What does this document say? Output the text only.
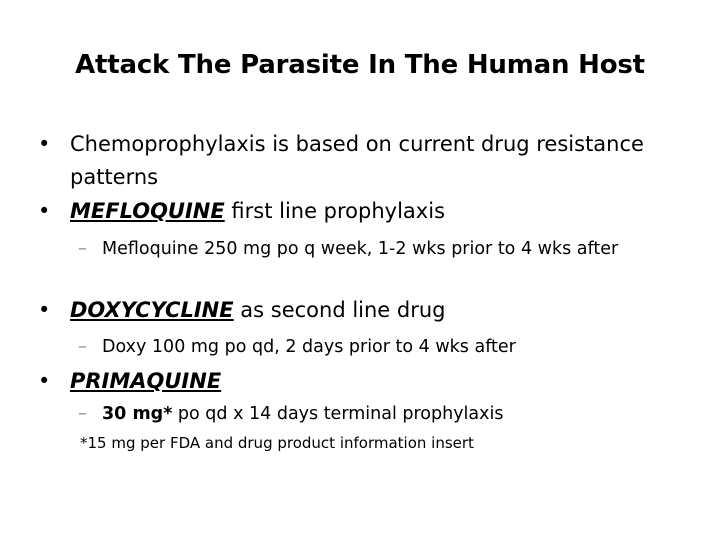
Attack The Parasite In The Human Host
• Chemoprophylaxis is based on current drug resistance patterns
• MEFLOQUINE first line prophylaxis
– Mefloquine 250 mg po q week, 1-2 wks prior to 4 wks after
• DOXYCYCLINE as second line drug
– Doxy 100 mg po qd, 2 days prior to 4 wks after
• PRIMAQUINE
– 30 mg* po qd x 14 days terminal prophylaxis
*15 mg per FDA and drug product information insert
